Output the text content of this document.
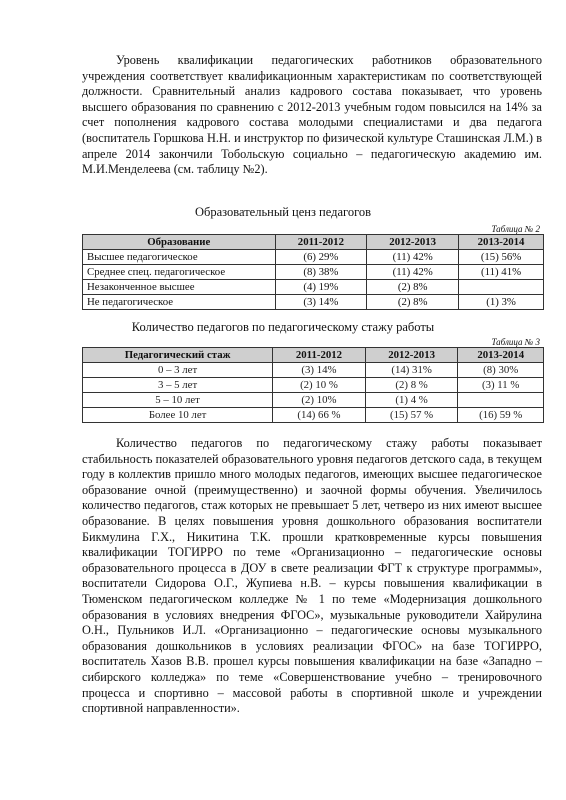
Уровень квалификации педагогических работников образовательного учреждения соответствует квалификационным характеристикам по соответствующей должности. Сравнительный анализ кадрового состава показывает, что уровень высшего образования по сравнению с 2012-2013 учебным годом повысился на 14% за счет пополнения кадрового состава молодыми специалистами и два педагога (воспитатель Горшкова Н.Н. и инструктор по физической культуре Сташинская Л.М.) в апреле 2014 закончили Тобольскую социально – педагогическую академию им. М.И.Менделеева (см. таблицу №2).

Образовательный ценз педагогов

Таблица № 2
Образование	2011-2012	2012-2013	2013-2014
Высшее педагогическое	(6) 29%	(11) 42%	(15) 56%
Среднее спец. педагогическое	(8) 38%	(11) 42%	(11) 41%
Незаконченное высшее	(4) 19%	(2) 8%	
Не педагогическое	(3) 14%	(2) 8%	(1) 3%

Количество педагогов по педагогическому стажу работы

Таблица № 3
Педагогический стаж	2011-2012	2012-2013	2013-2014
0 – 3 лет	(3) 14%	(14) 31%	(8) 30%
3 – 5 лет	(2) 10 %	(2) 8 %	(3) 11 %
5 – 10 лет	(2) 10%	(1) 4 %	
Более 10 лет	(14) 66 %	(15) 57 %	(16) 59 %

Количество педагогов по педагогическому стажу работы показывает стабильность показателей образовательного уровня педагогов детского сада, в текущем году в коллектив пришло много молодых педагогов, имеющих высшее педагогическое образование очной (преимущественно) и заочной формы обучения. Увеличилось количество педагогов, стаж которых не превышает 5 лет, четверо из них имеют высшее образование. В целях повышения уровня дошкольного образования воспитатели Бикмулина Г.Х., Никитина Т.К. прошли кратковременные курсы повышения квалификации ТОГИРРО по теме «Организационно – педагогические основы образовательного процесса в ДОУ в свете реализации ФГТ к структуре программы», воспитатели Сидорова О.Г., Жупиева н.В. – курсы повышения квалификации в Тюменском педагогическом колледже № 1 по теме «Модернизация дошкольного образования в условиях внедрения ФГОС», музыкальные руководители Хайрулина О.Н., Пульников И.Л. «Организационно – педагогические основы музыкального образования дошкольников в условиях реализации ФГОС» на базе ТОГИРРО, воспитатель Хазов В.В. прошел курсы повышения квалификации на базе «Западно – сибирского колледжа» по теме «Совершенствование учебно – тренировочного процесса и спортивно – массовой работы в спортивной школе и учреждении спортивной направленности».
